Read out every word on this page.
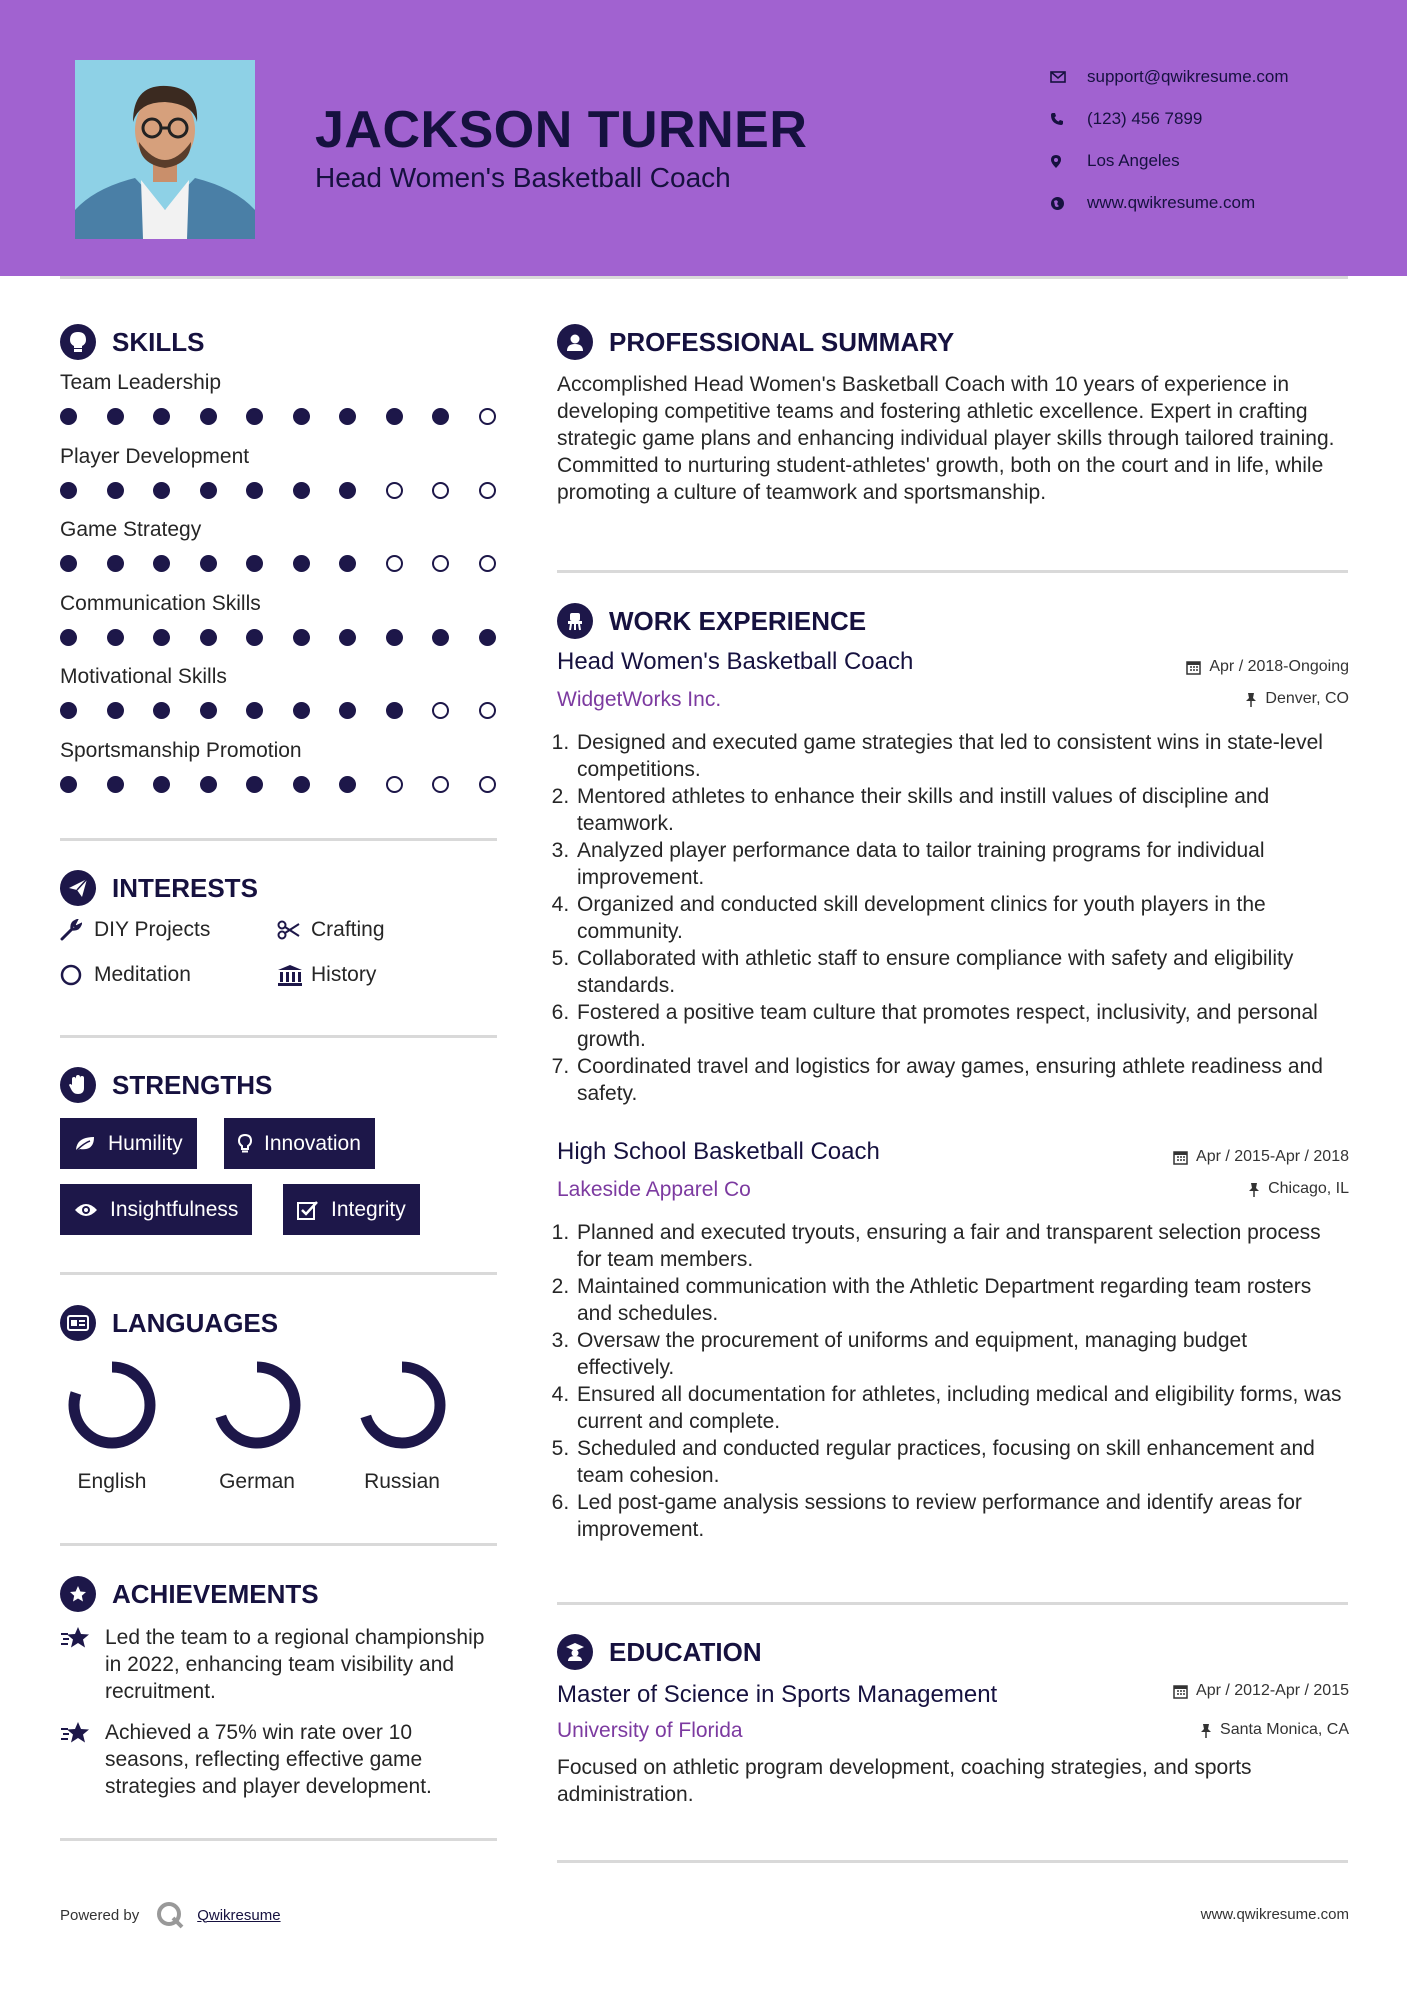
JACKSON TURNER
Head Women's Basketball Coach
support@qwikresume.com
(123) 456 7899
Los Angeles
www.qwikresume.com
SKILLS
Team Leadership
Player Development
Game Strategy
Communication Skills
Motivational Skills
Sportsmanship Promotion
INTERESTS
DIY Projects	Crafting
Meditation	History
STRENGTHS
Humility	Innovation
Insightfulness	Integrity
LANGUAGES
English	German	Russian
ACHIEVEMENTS
Led the team to a regional championship in 2022, enhancing team visibility and recruitment.
Achieved a 75% win rate over 10 seasons, reflecting effective game strategies and player development.
PROFESSIONAL SUMMARY
Accomplished Head Women's Basketball Coach with 10 years of experience in developing competitive teams and fostering athletic excellence. Expert in crafting strategic game plans and enhancing individual player skills through tailored training. Committed to nurturing student-athletes' growth, both on the court and in life, while promoting a culture of teamwork and sportsmanship.
WORK EXPERIENCE
Head Women's Basketball Coach	Apr / 2018-Ongoing
WidgetWorks Inc.	Denver, CO
1. Designed and executed game strategies that led to consistent wins in state-level competitions.
2. Mentored athletes to enhance their skills and instill values of discipline and teamwork.
3. Analyzed player performance data to tailor training programs for individual improvement.
4. Organized and conducted skill development clinics for youth players in the community.
5. Collaborated with athletic staff to ensure compliance with safety and eligibility standards.
6. Fostered a positive team culture that promotes respect, inclusivity, and personal growth.
7. Coordinated travel and logistics for away games, ensuring athlete readiness and safety.
High School Basketball Coach	Apr / 2015-Apr / 2018
Lakeside Apparel Co	Chicago, IL
1. Planned and executed tryouts, ensuring a fair and transparent selection process for team members.
2. Maintained communication with the Athletic Department regarding team rosters and schedules.
3. Oversaw the procurement of uniforms and equipment, managing budget effectively.
4. Ensured all documentation for athletes, including medical and eligibility forms, was current and complete.
5. Scheduled and conducted regular practices, focusing on skill enhancement and team cohesion.
6. Led post-game analysis sessions to review performance and identify areas for improvement.
EDUCATION
Master of Science in Sports Management	Apr / 2012-Apr / 2015
University of Florida	Santa Monica, CA
Focused on athletic program development, coaching strategies, and sports administration.
Powered by	Qwikresume	www.qwikresume.com
